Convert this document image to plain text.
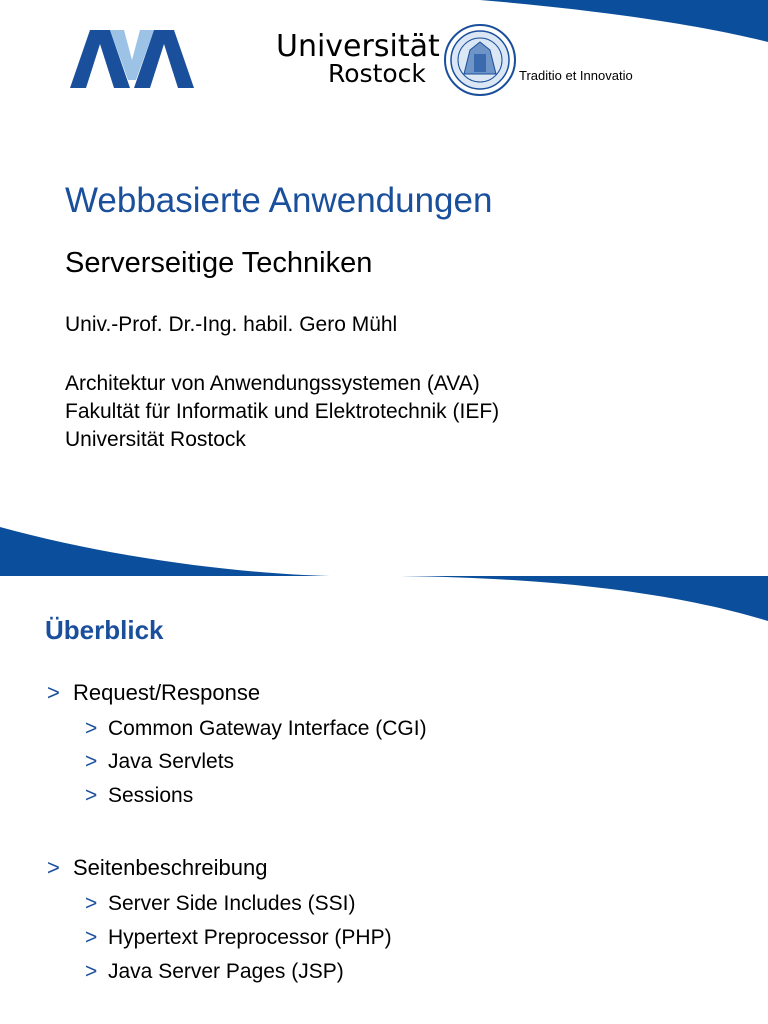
Universität
Rostock	Traditio et Innovatio
Webbasierte Anwendungen
Serverseitige Techniken
Univ.-Prof. Dr.-Ing. habil. Gero Mühl
Architektur von Anwendungssystemen (AVA)
Fakultät für Informatik und Elektrotechnik (IEF)
Universität Rostock
Überblick
> Request/Response
> Common Gateway Interface (CGI)
> Java Servlets
> Sessions
> Seitenbeschreibung
> Server Side Includes (SSI)
> Hypertext Preprocessor (PHP)
> Java Server Pages (JSP)
